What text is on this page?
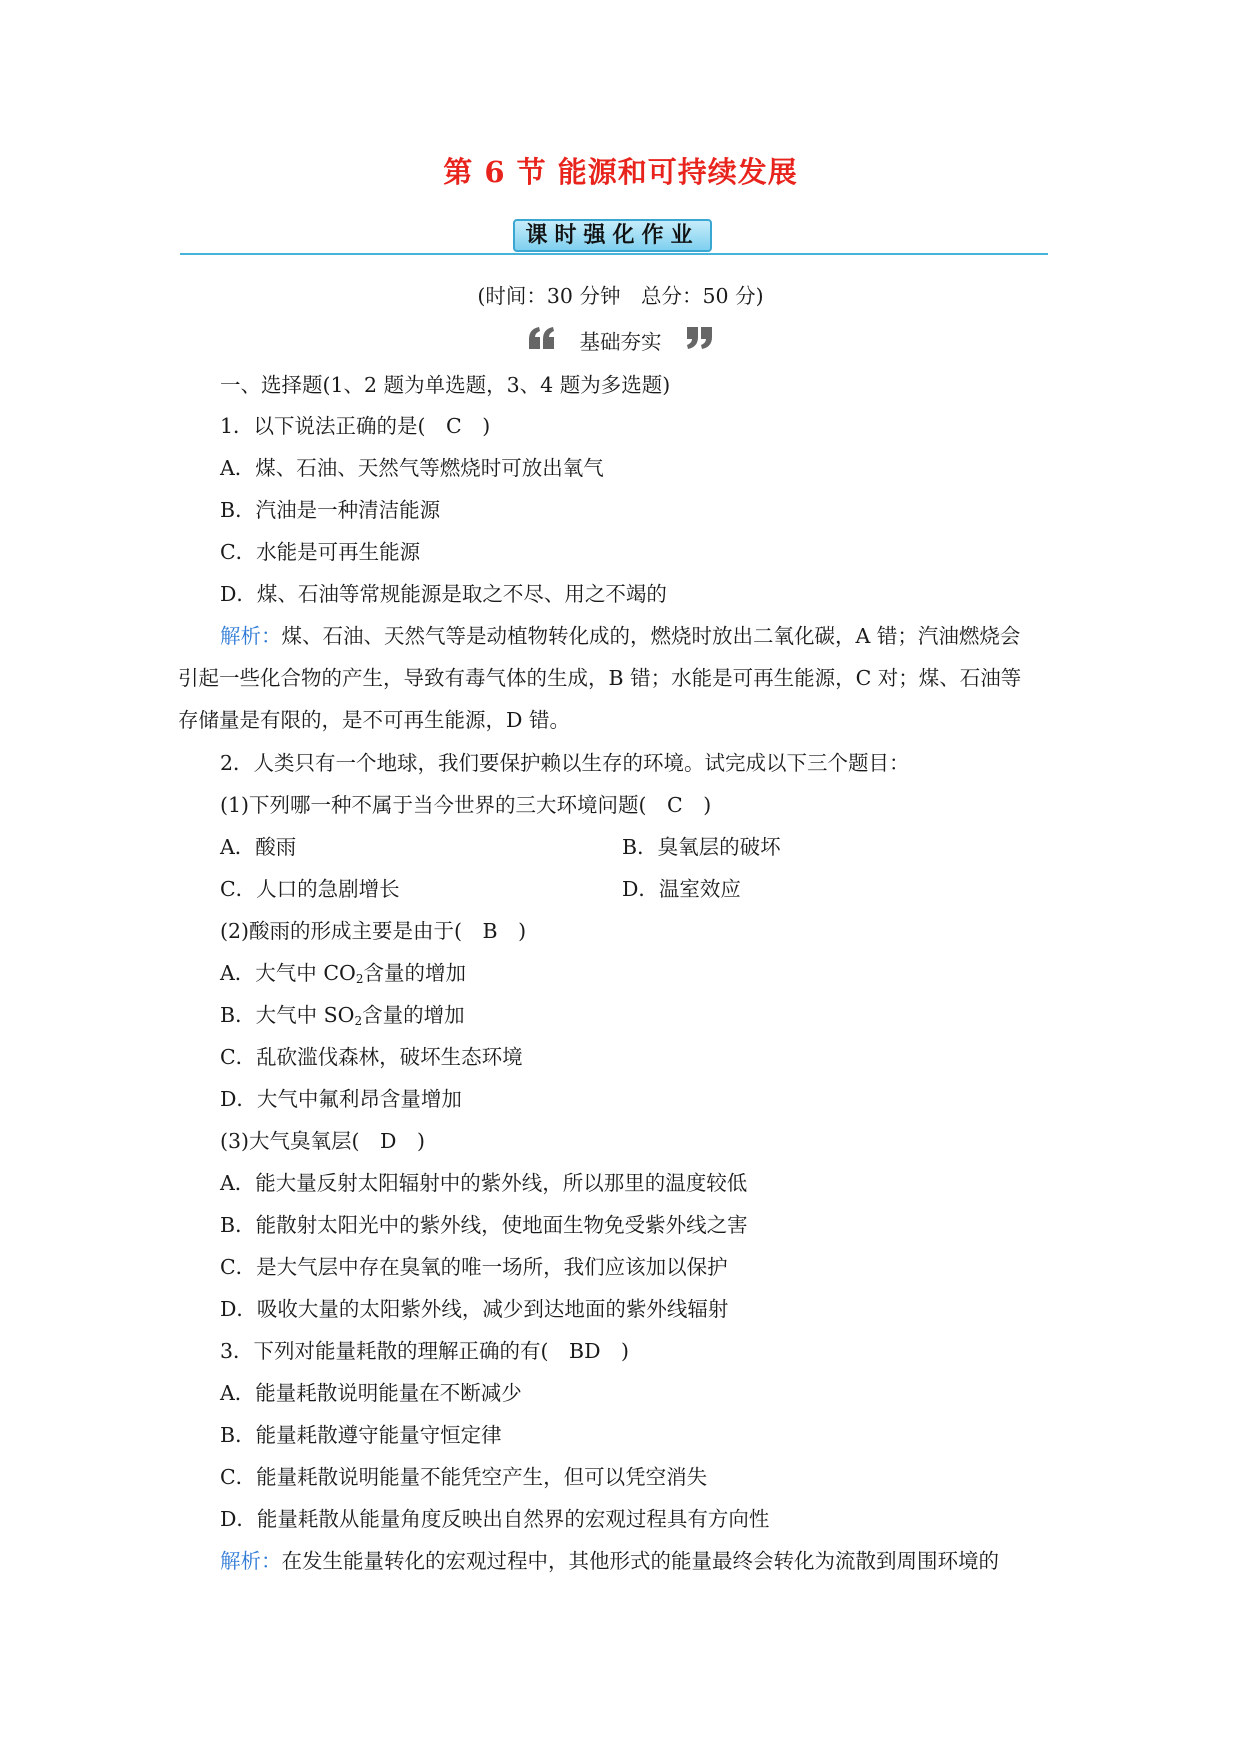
第 6 节 能源和可持续发展
课时强化作业
(时间：30 分钟　总分：50 分)
基础夯实
一、选择题(1、2 题为单选题，3、4 题为多选题)
1．以下说法正确的是(　C　)
A．煤、石油、天然气等燃烧时可放出氧气
B．汽油是一种清洁能源
C．水能是可再生能源
D．煤、石油等常规能源是取之不尽、用之不竭的
解析：煤、石油、天然气等是动植物转化成的，燃烧时放出二氧化碳，A 错；汽油燃烧会
引起一些化合物的产生，导致有毒气体的生成，B 错；水能是可再生能源，C 对；煤、石油等
存储量是有限的，是不可再生能源，D 错。
2．人类只有一个地球，我们要保护赖以生存的环境。试完成以下三个题目：
(1)下列哪一种不属于当今世界的三大环境问题(　C　)
A．酸雨	B．臭氧层的破坏
C．人口的急剧增长	D．温室效应
(2)酸雨的形成主要是由于(　B　)
A．大气中 $CO_2$含量的增加
B．大气中 $SO_2$含量的增加
C．乱砍滥伐森林，破坏生态环境
D．大气中氟利昂含量增加
(3)大气臭氧层(　D　)
A．能大量反射太阳辐射中的紫外线，所以那里的温度较低
B．能散射太阳光中的紫外线，使地面生物免受紫外线之害
C．是大气层中存在臭氧的唯一场所，我们应该加以保护
D．吸收大量的太阳紫外线，减少到达地面的紫外线辐射
3．下列对能量耗散的理解正确的有(　BD　)
A．能量耗散说明能量在不断减少
B．能量耗散遵守能量守恒定律
C．能量耗散说明能量不能凭空产生，但可以凭空消失
D．能量耗散从能量角度反映出自然界的宏观过程具有方向性
解析：在发生能量转化的宏观过程中，其他形式的能量最终会转化为流散到周围环境的
